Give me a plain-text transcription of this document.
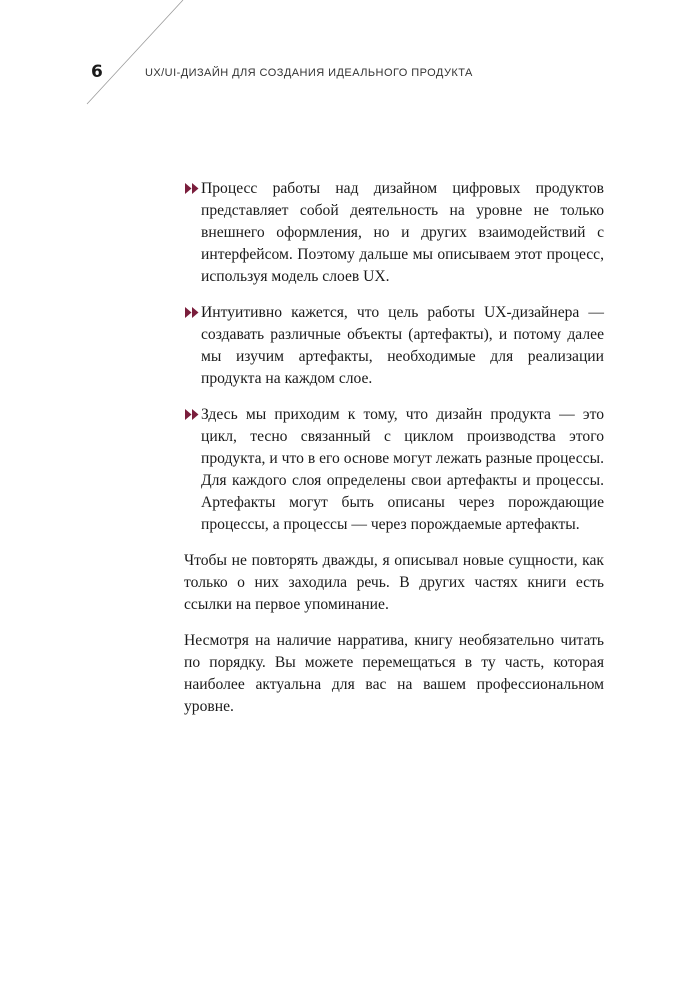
6	UX/UI-ДИЗАЙН ДЛЯ СОЗДАНИЯ ИДЕАЛЬНОГО ПРОДУКТА

Процесс работы над дизайном цифровых продуктов представляет собой деятельность на уровне не только внешнего оформления, но и других взаимодействий с интерфейсом. Поэтому дальше мы описываем этот процесс, используя модель слоев UX.

Интуитивно кажется, что цель работы UX-дизайнера — создавать различные объекты (артефакты), и потому далее мы изучим артефакты, необходимые для реализации продукта на каждом слое.

Здесь мы приходим к тому, что дизайн продукта — это цикл, тесно связанный с циклом производства этого продукта, и что в его основе могут лежать разные процессы. Для каждого слоя определены свои артефакты и процессы. Артефакты могут быть описаны через порождающие процессы, а процессы — через порождаемые артефакты.

Чтобы не повторять дважды, я описывал новые сущности, как только о них заходила речь. В других частях книги есть ссылки на первое упоминание.

Несмотря на наличие нарратива, книгу необязательно читать по порядку. Вы можете перемещаться в ту часть, которая наиболее актуальна для вас на вашем профессиональном уровне.
